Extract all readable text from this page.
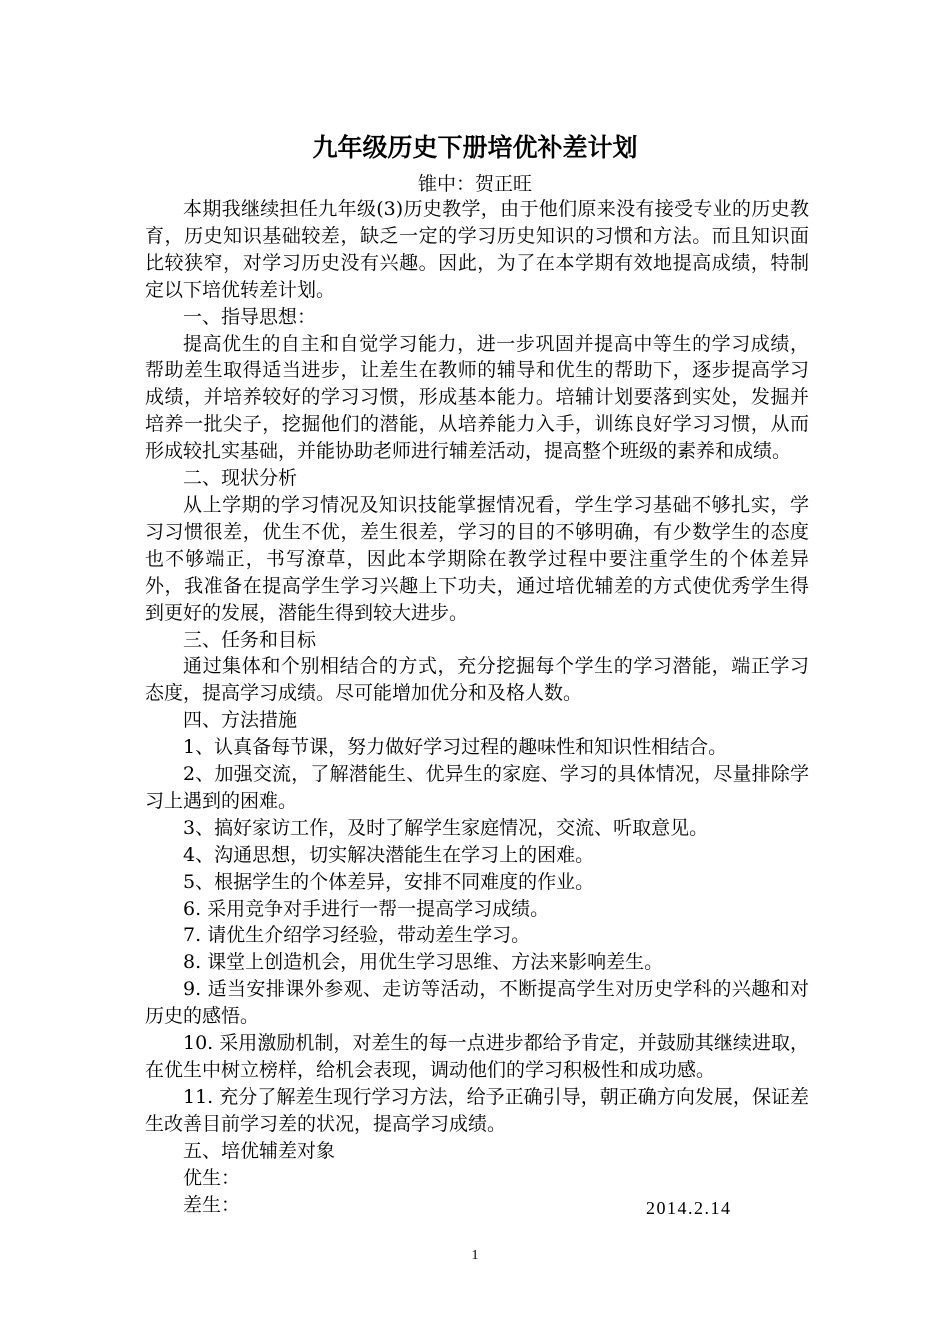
九年级历史下册培优补差计划
锥中：贺正旺

本期我继续担任九年级(3)历史教学，由于他们原来没有接受专业的历史教育，历史知识基础较差，缺乏一定的学习历史知识的习惯和方法。而且知识面比较狭窄，对学习历史没有兴趣。因此，为了在本学期有效地提高成绩，特制定以下培优转差计划。

一、指导思想：

提高优生的自主和自觉学习能力，进一步巩固并提高中等生的学习成绩，帮助差生取得适当进步，让差生在教师的辅导和优生的帮助下，逐步提高学习成绩，并培养较好的学习习惯，形成基本能力。培辅计划要落到实处，发掘并培养一批尖子，挖掘他们的潜能，从培养能力入手，训练良好学习习惯，从而形成较扎实基础，并能协助老师进行辅差活动，提高整个班级的素养和成绩。

二、现状分析

从上学期的学习情况及知识技能掌握情况看，学生学习基础不够扎实，学习习惯很差，优生不优，差生很差，学习的目的不够明确，有少数学生的态度也不够端正，书写潦草，因此本学期除在教学过程中要注重学生的个体差异外，我准备在提高学生学习兴趣上下功夫，通过培优辅差的方式使优秀学生得到更好的发展，潜能生得到较大进步。

三、任务和目标

通过集体和个别相结合的方式，充分挖掘每个学生的学习潜能，端正学习态度，提高学习成绩。尽可能增加优分和及格人数。

四、方法措施

1、认真备每节课，努力做好学习过程的趣味性和知识性相结合。

2、加强交流，了解潜能生、优异生的家庭、学习的具体情况，尽量排除学习上遇到的困难。

3、搞好家访工作，及时了解学生家庭情况，交流、听取意见。

4、沟通思想，切实解决潜能生在学习上的困难。

5、根据学生的个体差异，安排不同难度的作业。

6. 采用竞争对手进行一帮一提高学习成绩。

7. 请优生介绍学习经验，带动差生学习。

8. 课堂上创造机会，用优生学习思维、方法来影响差生。

9. 适当安排课外参观、走访等活动，不断提高学生对历史学科的兴趣和对历史的感悟。

10. 采用激励机制，对差生的每一点进步都给予肯定，并鼓励其继续进取，在优生中树立榜样，给机会表现，调动他们的学习积极性和成功感。

11. 充分了解差生现行学习方法，给予正确引导，朝正确方向发展，保证差生改善目前学习差的状况，提高学习成绩。

五、培优辅差对象

优生：

差生：	2014.2.14
1
